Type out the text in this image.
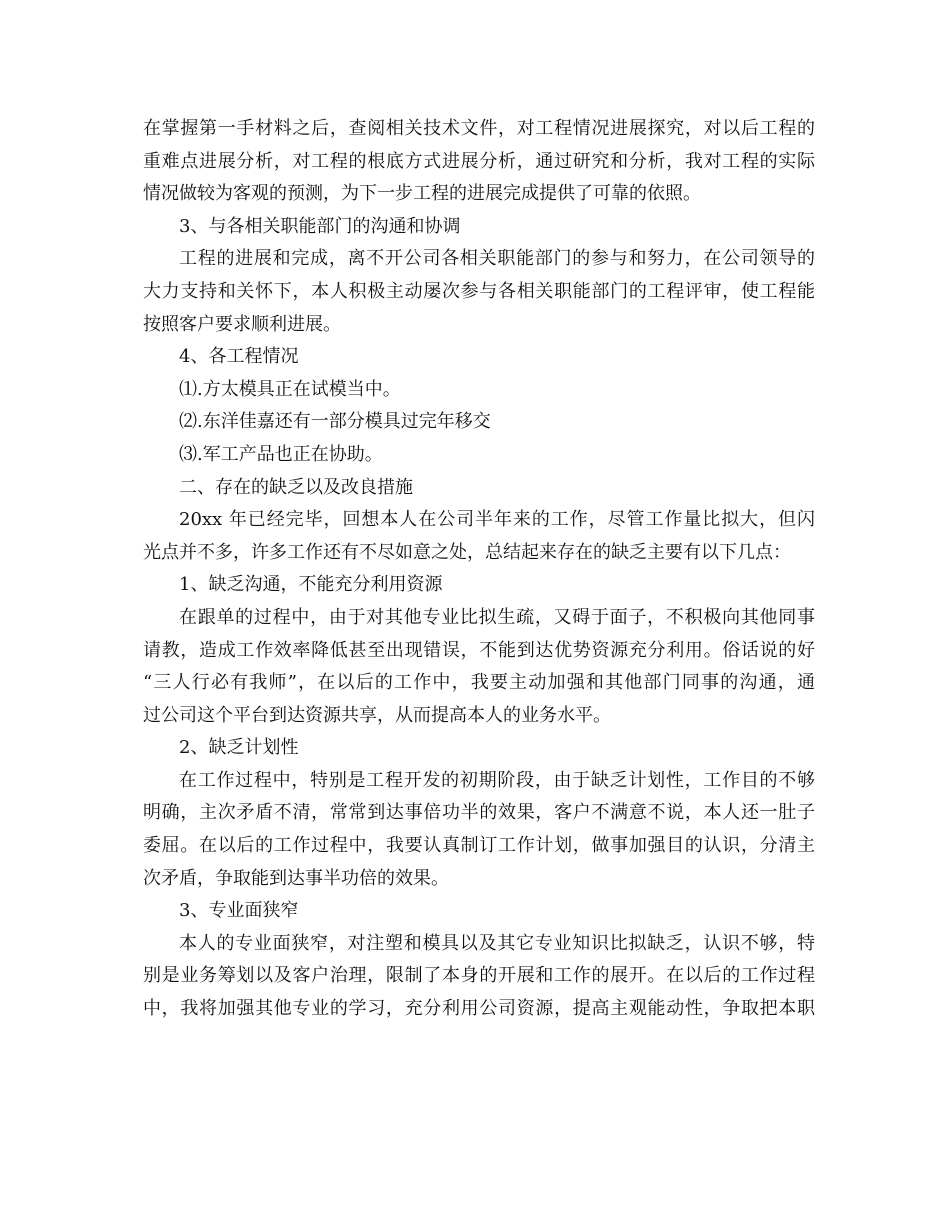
在掌握第一手材料之后，查阅相关技术文件，对工程情况进展探究，对以后工程的
重难点进展分析，对工程的根底方式进展分析，通过研究和分析，我对工程的实际
情况做较为客观的预测，为下一步工程的进展完成提供了可靠的依照。
3、与各相关职能部门的沟通和协调
工程的进展和完成，离不开公司各相关职能部门的参与和努力，在公司领导的
大力支持和关怀下，本人积极主动屡次参与各相关职能部门的工程评审，使工程能
按照客户要求顺利进展。
4、各工程情况
⑴.方太模具正在试模当中。
⑵.东洋佳嘉还有一部分模具过完年移交
⑶.军工产品也正在协助。
二、存在的缺乏以及改良措施
20xx 年已经完毕，回想本人在公司半年来的工作，尽管工作量比拟大，但闪
光点并不多，许多工作还有不尽如意之处，总结起来存在的缺乏主要有以下几点：
1、缺乏沟通，不能充分利用资源
在跟单的过程中，由于对其他专业比拟生疏，又碍于面子，不积极向其他同事
请教，造成工作效率降低甚至出现错误，不能到达优势资源充分利用。俗话说的好
“三人行必有我师”，在以后的工作中，我要主动加强和其他部门同事的沟通，通
过公司这个平台到达资源共享，从而提高本人的业务水平。
2、缺乏计划性
在工作过程中，特别是工程开发的初期阶段，由于缺乏计划性，工作目的不够
明确，主次矛盾不清，常常到达事倍功半的效果，客户不满意不说，本人还一肚子
委屈。在以后的工作过程中，我要认真制订工作计划，做事加强目的认识，分清主
次矛盾，争取能到达事半功倍的效果。
3、专业面狭窄
本人的专业面狭窄，对注塑和模具以及其它专业知识比拟缺乏，认识不够，特
别是业务筹划以及客户治理，限制了本身的开展和工作的展开。在以后的工作过程
中，我将加强其他专业的学习，充分利用公司资源，提高主观能动性，争取把本职
